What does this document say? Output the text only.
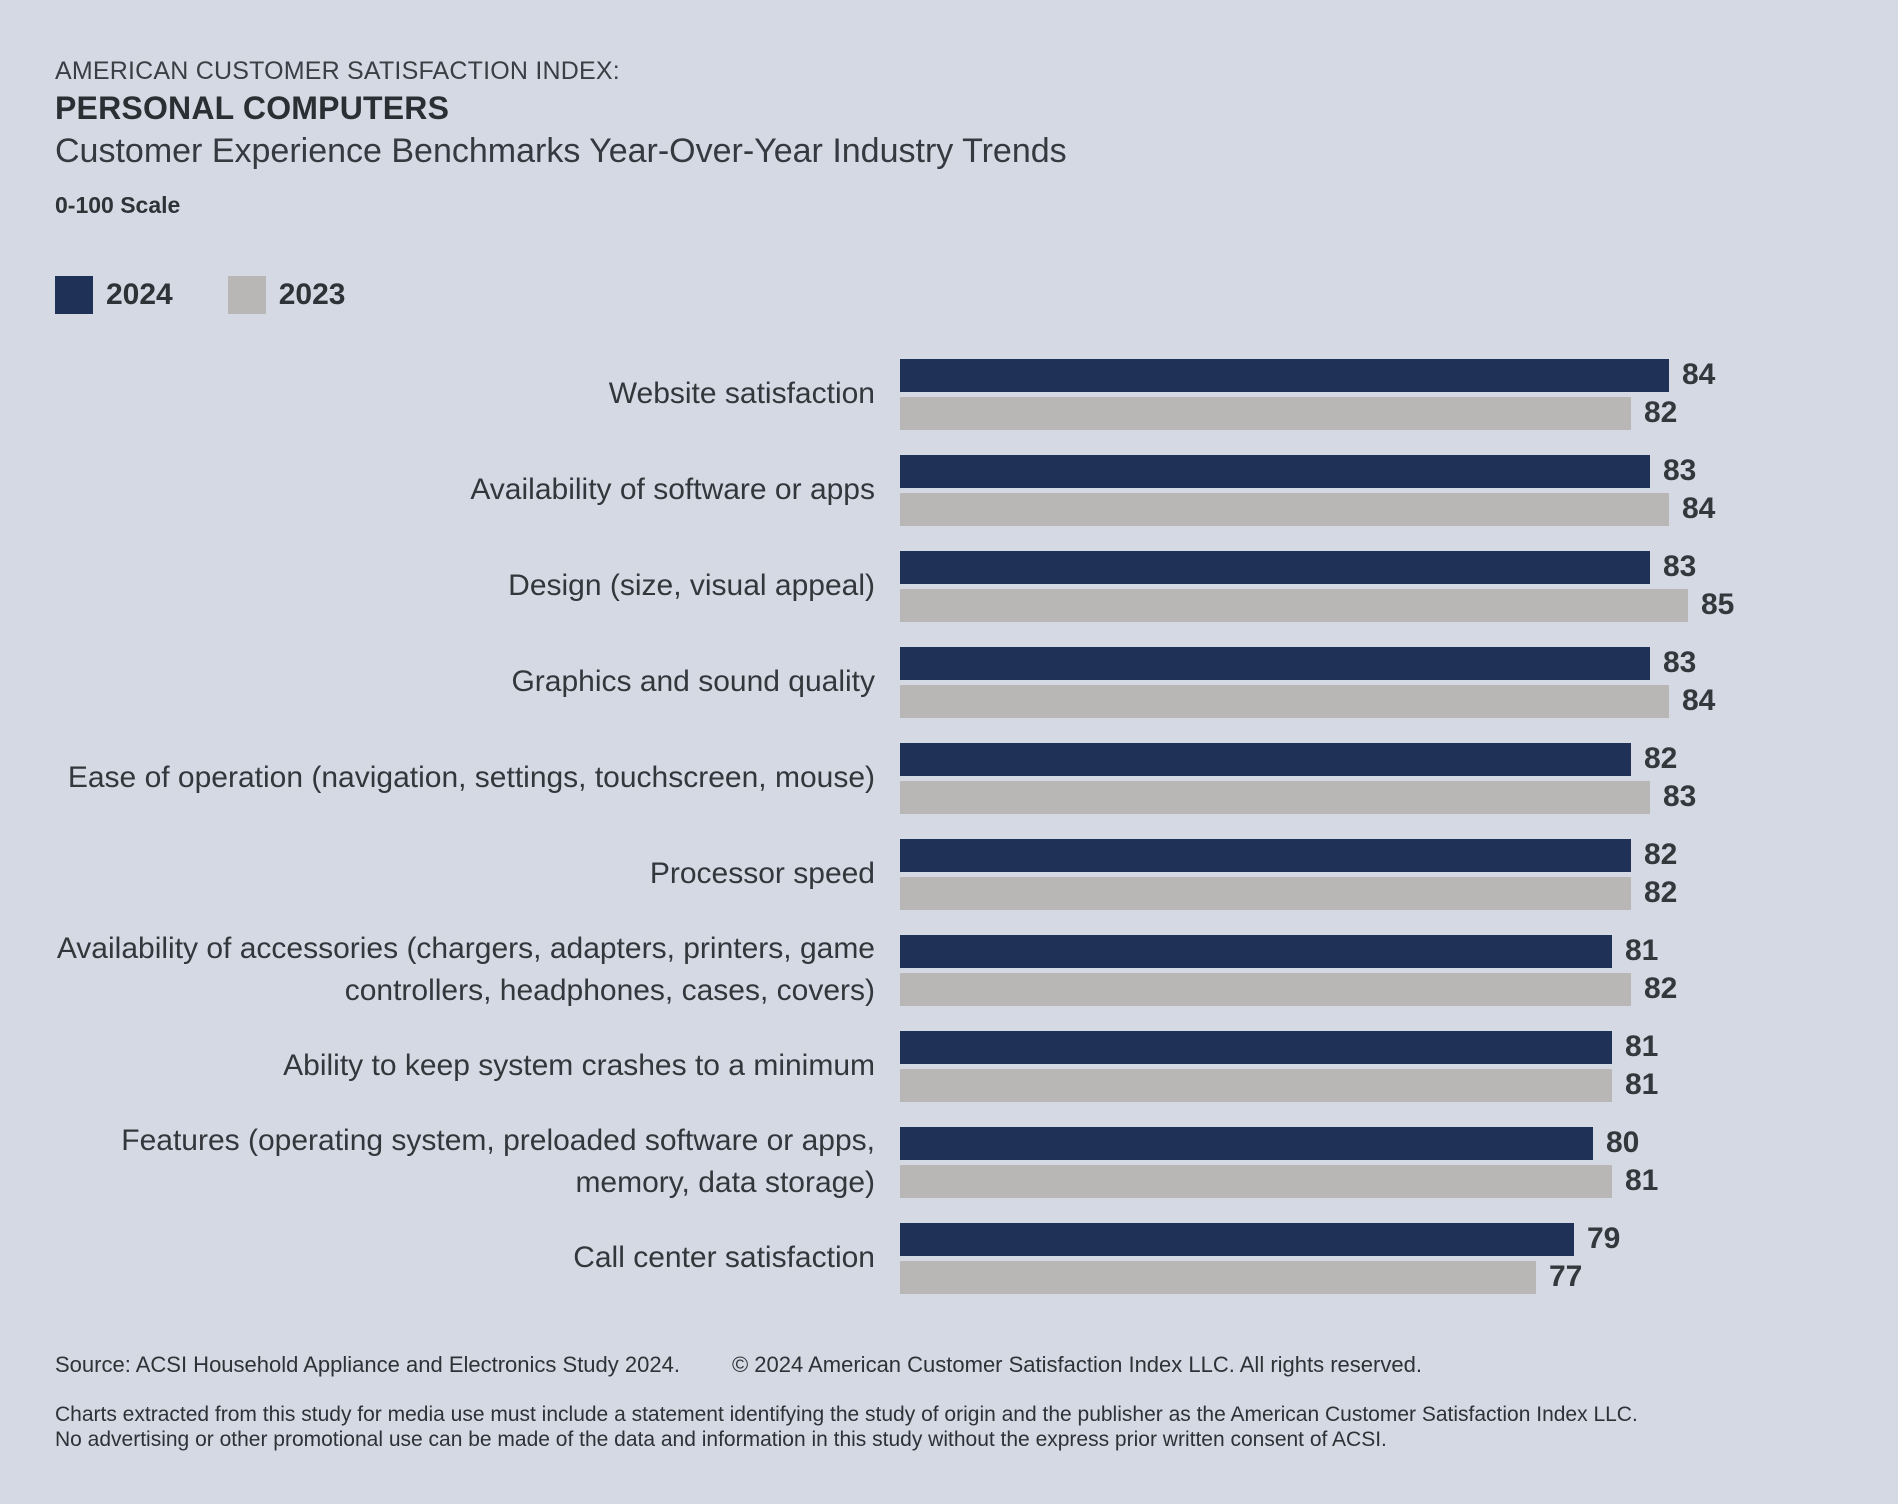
AMERICAN CUSTOMER SATISFACTION INDEX:
PERSONAL COMPUTERS
Customer Experience Benchmarks Year-Over-Year Industry Trends
0-100 Scale
2024	2023
Website satisfaction
84
82
Availability of software or apps
83
84
Design (size, visual appeal)
83
85
Graphics and sound quality
83
84
Ease of operation (navigation, settings, touchscreen, mouse)
82
83
Processor speed
82
82
Availability of accessories (chargers, adapters, printers, game
controllers, headphones, cases, covers)
81
82
Ability to keep system crashes to a minimum
81
81
Features (operating system, preloaded software or apps,
memory, data storage)
80
81
Call center satisfaction
79
77
Source: ACSI Household Appliance and Electronics Study 2024. © 2024 American Customer Satisfaction Index LLC. All rights reserved.
Charts extracted from this study for media use must include a statement identifying the study of origin and the publisher as the American Customer Satisfaction Index LLC.
No advertising or other promotional use can be made of the data and information in this study without the express prior written consent of ACSI.
